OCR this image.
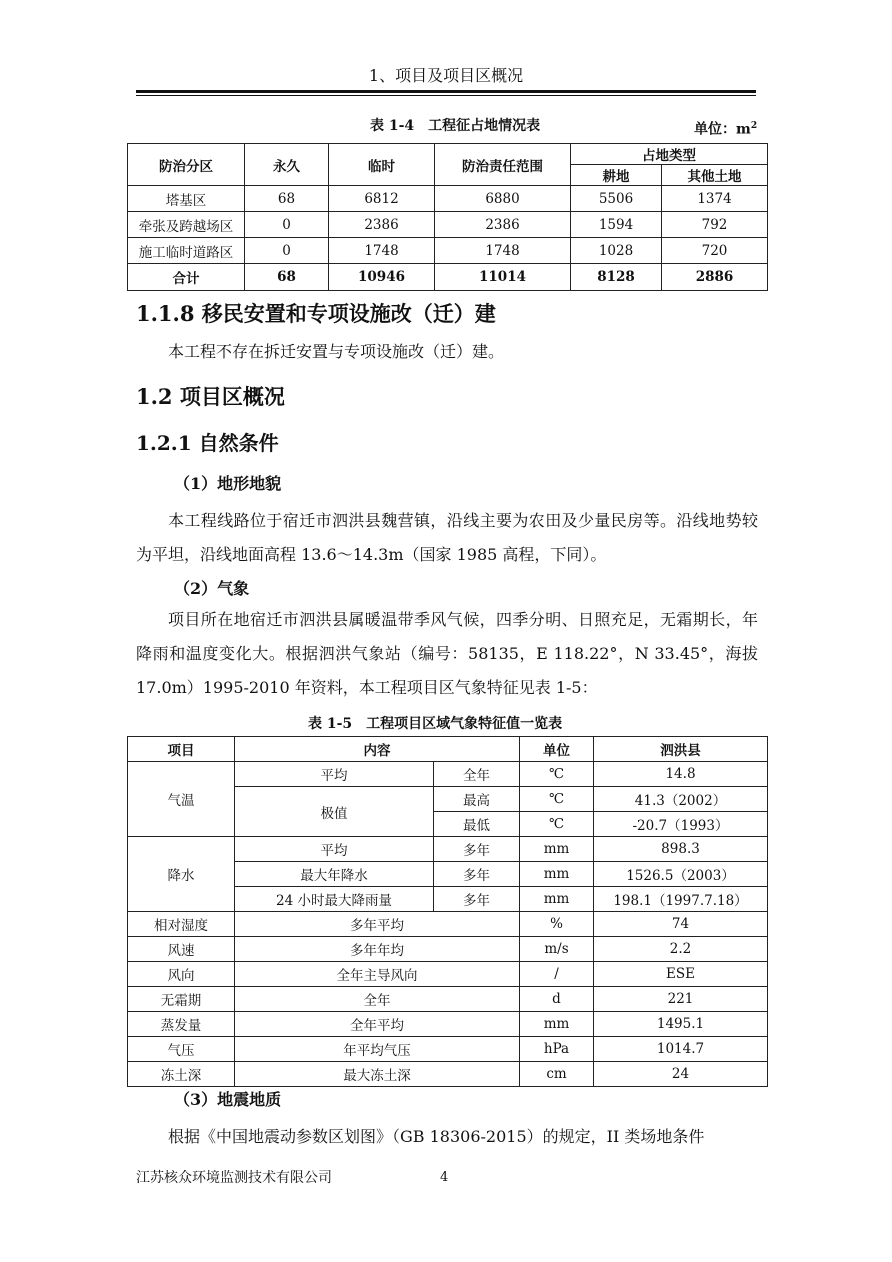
1、项目及项目区概况
表 1-4　工程征占地情况表	单位：$m^2$
防治分区	永久	临时	防治责任范围	占地类型	
				耕地	其他土地
塔基区	68	6812	6880	5506	1374
牵张及跨越场区	0	2386	2386	1594	792
施工临时道路区	0	1748	1748	1028	720
合计	68	10946	11014	8128	2886
1.1.8 移民安置和专项设施改（迁）建
本工程不存在拆迁安置与专项设施改（迁）建。
1.2 项目区概况
1.2.1 自然条件
（1）地形地貌
本工程线路位于宿迁市泗洪县魏营镇，沿线主要为农田及少量民房等。沿线地势较为平坦，沿线地面高程 13.6～14.3m（国家 1985 高程，下同）。
（2）气象
项目所在地宿迁市泗洪县属暖温带季风气候，四季分明、日照充足，无霜期长，年降雨和温度变化大。根据泗洪气象站（编号：58135，E 118.22°，N 33.45°，海拔 17.0m）1995-2010 年资料，本工程项目区气象特征见表 1-5：
表 1-5　工程项目区域气象特征值一览表
项目	内容		单位	泗洪县
气温	平均	全年	℃	14.8
	极值	最高	℃	41.3（2002）
		最低	℃	-20.7（1993）
降水	平均	多年	mm	898.3
	最大年降水	多年	mm	1526.5（2003）
	24 小时最大降雨量	多年	mm	198.1（1997.7.18）
相对湿度	多年平均		%	74
风速	多年年均		m/s	2.2
风向	全年主导风向		/	ESE
无霜期	全年		d	221
蒸发量	全年平均		mm	1495.1
气压	年平均气压		hPa	1014.7
冻土深	最大冻土深		cm	24
（3）地震地质
根据《中国地震动参数区划图》（GB 18306-2015）的规定，II 类场地条件
江苏核众环境监测技术有限公司	4
